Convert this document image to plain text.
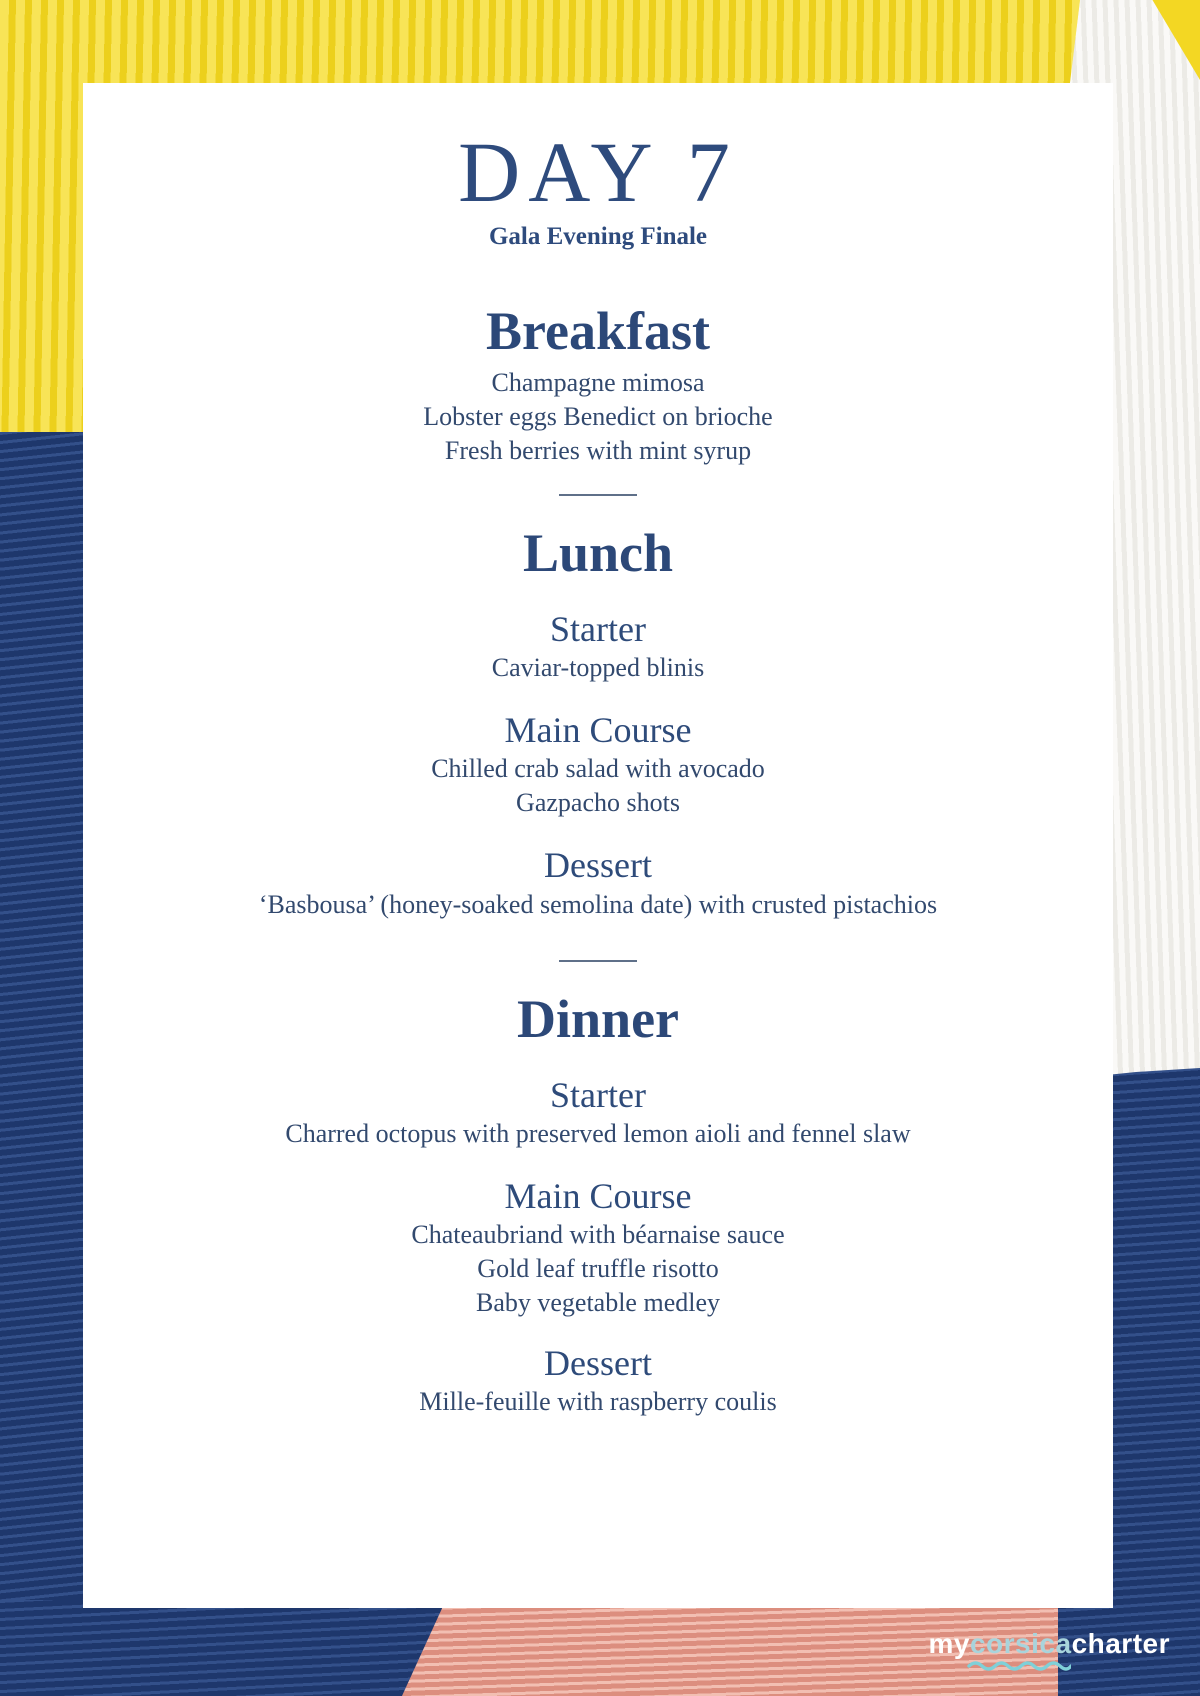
DAY 7
Gala Evening Finale
Breakfast
Champagne mimosa
Lobster eggs Benedict on brioche
Fresh berries with mint syrup
Lunch
Starter
Caviar-topped blinis
Main Course
Chilled crab salad with avocado
Gazpacho shots
Dessert
‘Basbousa’ (honey-soaked semolina date) with crusted pistachios
Dinner
Starter
Charred octopus with preserved lemon aioli and fennel slaw
Main Course
Chateaubriand with béarnaise sauce
Gold leaf truffle risotto
Baby vegetable medley
Dessert
Mille-feuille with raspberry coulis
mycorsicacharter
